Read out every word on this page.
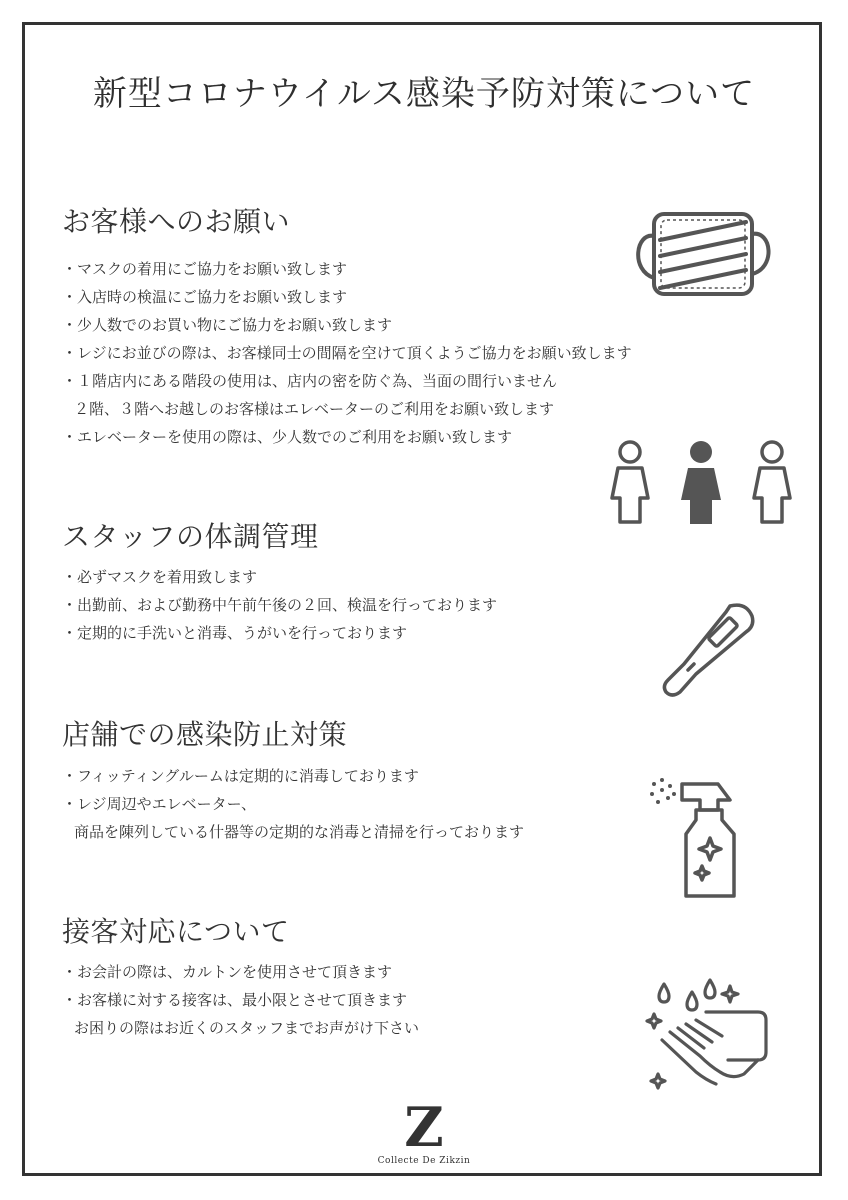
新型コロナウイルス感染予防対策について
お客様へのお願い
・マスクの着用にご協力をお願い致します
・入店時の検温にご協力をお願い致します
・少人数でのお買い物にご協力をお願い致します
・レジにお並びの際は、お客様同士の間隔を空けて頂くようご協力をお願い致します
・１階店内にある階段の使用は、店内の密を防ぐ為、当面の間行いません
２階、３階へお越しのお客様はエレベーターのご利用をお願い致します
・エレベーターを使用の際は、少人数でのご利用をお願い致します
スタッフの体調管理
・必ずマスクを着用致します
・出勤前、および勤務中午前午後の２回、検温を行っております
・定期的に手洗いと消毒、うがいを行っております
店舗での感染防止対策
・フィッティングルームは定期的に消毒しております
・レジ周辺やエレベーター、
商品を陳列している什器等の定期的な消毒と清掃を行っております
接客対応について
・お会計の際は、カルトンを使用させて頂きます
・お客様に対する接客は、最小限とさせて頂きます
お困りの際はお近くのスタッフまでお声がけ下さい
Z
Collecte De Zikzin
